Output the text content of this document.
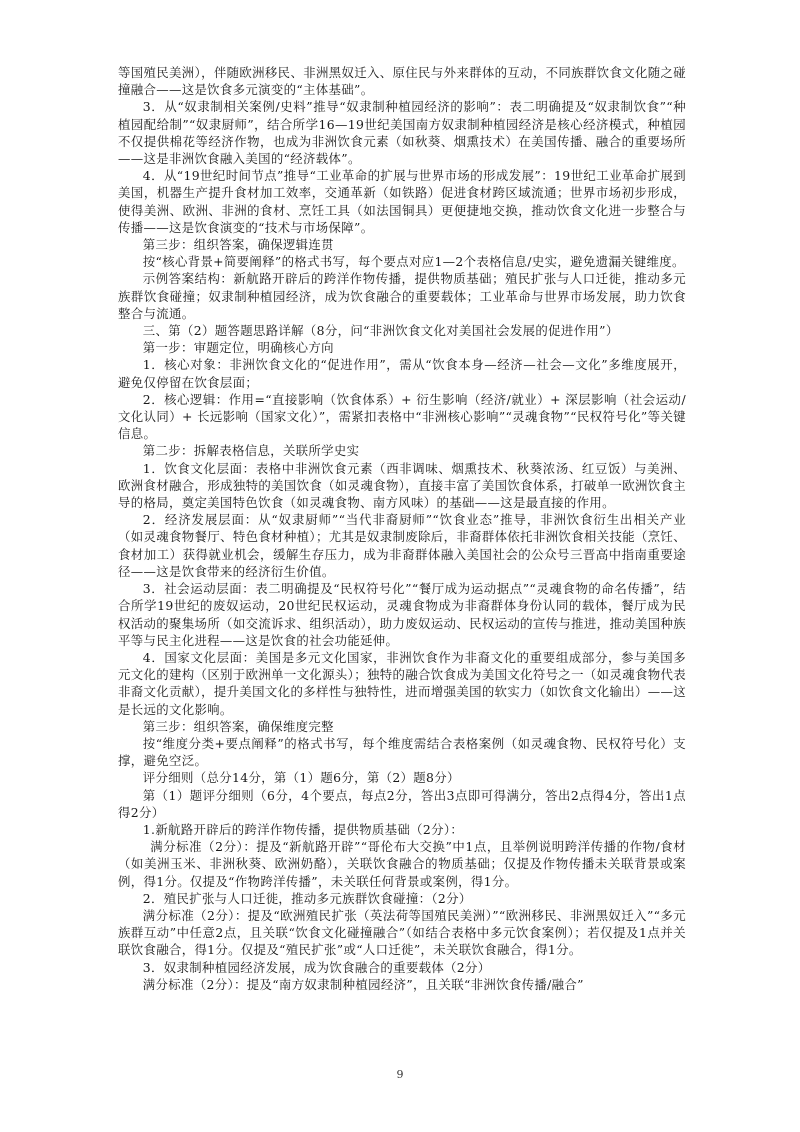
等国殖民美洲），伴随欧洲移民、非洲黑奴迁入、原住民与外来群体的互动，不同族群饮食文化随之碰撞融合——这是饮食多元演变的“主体基础”。

3．从“奴隶制相关案例/史料”推导“奴隶制种植园经济的影响”：表二明确提及“奴隶制饮食”“种植园配给制”“奴隶厨师”，结合所学16—19世纪美国南方奴隶制种植园经济是核心经济模式，种植园不仅提供棉花等经济作物，也成为非洲饮食元素（如秋葵、烟熏技术）在美国传播、融合的重要场所——这是非洲饮食融入美国的“经济载体”。

4．从“19世纪时间节点”推导“工业革命的扩展与世界市场的形成发展”：19世纪工业革命扩展到美国，机器生产提升食材加工效率，交通革新（如铁路）促进食材跨区域流通；世界市场初步形成，使得美洲、欧洲、非洲的食材、烹饪工具（如法国铜具）更便捷地交换，推动饮食文化进一步整合与传播——这是饮食演变的“技术与市场保障”。

第三步：组织答案，确保逻辑连贯

按“核心背景+简要阐释”的格式书写，每个要点对应1—2个表格信息/史实，避免遗漏关键维度。

示例答案结构：新航路开辟后的跨洋作物传播，提供物质基础；殖民扩张与人口迁徙，推动多元族群饮食碰撞；奴隶制种植园经济，成为饮食融合的重要载体；工业革命与世界市场发展，助力饮食整合与流通。

三、第（2）题答题思路详解（8分，问“非洲饮食文化对美国社会发展的促进作用”）

第一步：审题定位，明确核心方向

1．核心对象：非洲饮食文化的“促进作用”，需从“饮食本身—经济—社会—文化”多维度展开，避免仅停留在饮食层面；

2．核心逻辑：作用=“直接影响（饮食体系）+ 衍生影响（经济/就业）+ 深层影响（社会运动/文化认同）+ 长远影响（国家文化）”，需紧扣表格中“非洲核心影响”“灵魂食物”“民权符号化”等关键信息。

第二步：拆解表格信息，关联所学史实

1．饮食文化层面：表格中非洲饮食元素（西非调味、烟熏技术、秋葵浓汤、红豆饭）与美洲、欧洲食材融合，形成独特的美国饮食（如灵魂食物），直接丰富了美国饮食体系，打破单一欧洲饮食主导的格局，奠定美国特色饮食（如灵魂食物、南方风味）的基础——这是最直接的作用。

2．经济发展层面：从“奴隶厨师”“当代非裔厨师”“饮食业态”推导，非洲饮食衍生出相关产业（如灵魂食物餐厅、特色食材种植）；尤其是奴隶制废除后，非裔群体依托非洲饮食相关技能（烹饪、食材加工）获得就业机会，缓解生存压力，成为非裔群体融入美国社会的公众号三晋高中指南重要途径——这是饮食带来的经济衍生价值。

3．社会运动层面：表二明确提及“民权符号化”“餐厅成为运动据点”“灵魂食物的命名传播”，结合所学19世纪的废奴运动，20世纪民权运动，灵魂食物成为非裔群体身份认同的载体，餐厅成为民权活动的聚集场所（如交流诉求、组织活动），助力废奴运动、民权运动的宣传与推进，推动美国种族平等与民主化进程——这是饮食的社会功能延伸。

4．国家文化层面：美国是多元文化国家，非洲饮食作为非裔文化的重要组成部分，参与美国多元文化的建构（区别于欧洲单一文化源头）；独特的融合饮食成为美国文化符号之一（如灵魂食物代表非裔文化贡献），提升美国文化的多样性与独特性，进而增强美国的软实力（如饮食文化输出）——这是长远的文化影响。

第三步：组织答案，确保维度完整

按“维度分类+要点阐释”的格式书写，每个维度需结合表格案例（如灵魂食物、民权符号化）支撑，避免空泛。

评分细则（总分14分，第（1）题6分，第（2）题8分）

第（1）题评分细则（6分，4个要点，每点2分，答出3点即可得满分，答出2点得4分，答出1点得2分）

1.新航路开辟后的跨洋作物传播，提供物质基础（2分）：

满分标准（2分）：提及“新航路开辟”“哥伦布大交换”中1点，且举例说明跨洋传播的作物/食材（如美洲玉米、非洲秋葵、欧洲奶酪），关联饮食融合的物质基础；仅提及作物传播未关联背景或案例，得1分。仅提及“作物跨洋传播”，未关联任何背景或案例，得1分。

2．殖民扩张与人口迁徙，推动多元族群饮食碰撞：（2分）

满分标准（2分）：提及“欧洲殖民扩张（英法荷等国殖民美洲）”“欧洲移民、非洲黑奴迁入”“多元族群互动”中任意2点，且关联“饮食文化碰撞融合”（如结合表格中多元饮食案例）；若仅提及1点并关联饮食融合，得1分。仅提及“殖民扩张”或“人口迁徙”，未关联饮食融合，得1分。

3．奴隶制种植园经济发展，成为饮食融合的重要载体（2分）

满分标准（2分）：提及“南方奴隶制种植园经济”，且关联“非洲饮食传播/融合”

9
